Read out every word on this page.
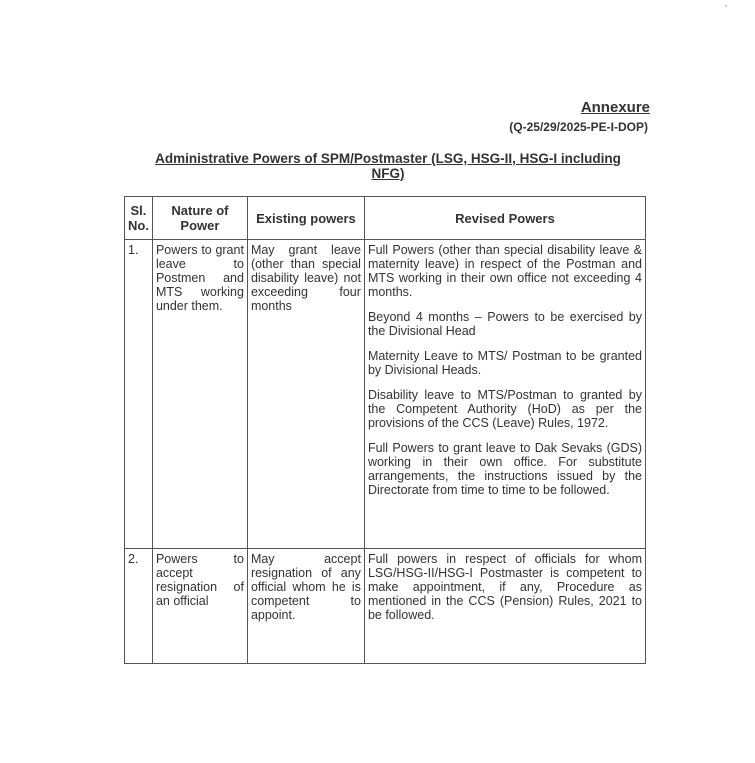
Annexure
(Q-25/29/2025-PE-I-DOP)
Administrative Powers of SPM/Postmaster (LSG, HSG-II, HSG-I including NFG)
Sl. No.	Nature of Power	Existing powers	Revised Powers
1.	Powers to grant leave to Postmen and MTS working under them.	May grant leave (other than special disability leave) not exceeding four months	Full Powers (other than special disability leave & maternity leave) in respect of the Postman and MTS working in their own office not exceeding 4 months.

Beyond 4 months – Powers to be exercised by the Divisional Head

Maternity Leave to MTS/ Postman to be granted by Divisional Heads.

Disability leave to MTS/Postman to granted by the Competent Authority (HoD) as per the provisions of the CCS (Leave) Rules, 1972.

Full Powers to grant leave to Dak Sevaks (GDS) working in their own office. For substitute arrangements, the instructions issued by the Directorate from time to time to be followed.

2.	Powers to accept resignation of an official	May accept resignation of any official whom he is competent to appoint.	Full powers in respect of officials for whom LSG/HSG-II/HSG-I Postmaster is competent to make appointment, if any, Procedure as mentioned in the CCS (Pension) Rules, 2021 to be followed.
